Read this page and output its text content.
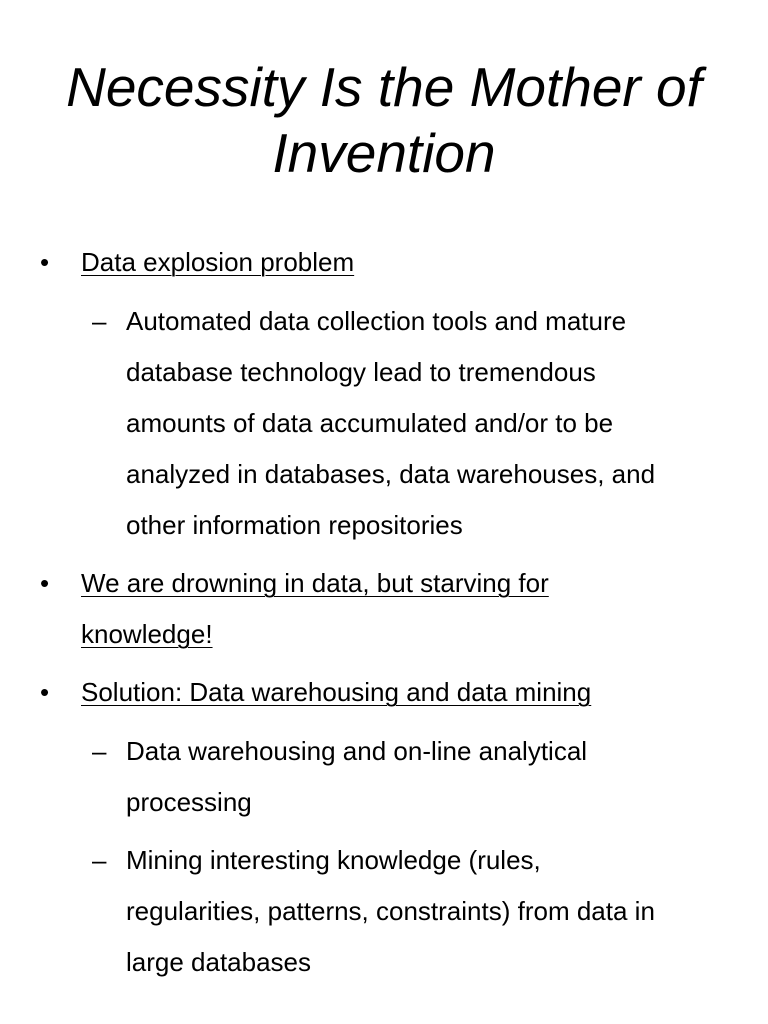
Necessity Is the Mother of
Invention
•	Data explosion problem
– Automated data collection tools and mature
database technology lead to tremendous
amounts of data accumulated and/or to be
analyzed in databases, data warehouses, and
other information repositories
•	We are drowning in data, but starving for
knowledge!
•	Solution: Data warehousing and data mining
– Data warehousing and on-line analytical
processing
– Mining interesting knowledge (rules,
regularities, patterns, constraints) from data in
large databases
